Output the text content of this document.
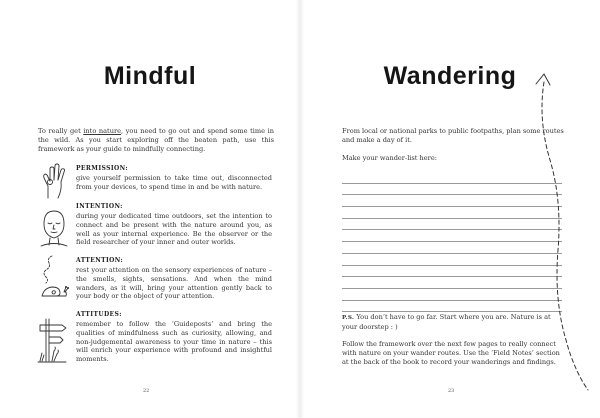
Mindful
To really get into nature, you need to go out and spend some time in the wild. As you start exploring off the beaten path, use this framework as your guide to mindfully connecting.
PERMISSION:
give yourself permission to take time out, disconnected from your devices, to spend time in and be with nature.
INTENTION:
during your dedicated time outdoors, set the intention to connect and be present with the nature around you, as well as your internal experience. Be the observer or the field researcher of your inner and outer worlds.
ATTENTION:
rest your attention on the sensory experiences of nature – the smells, sights, sensations. And when the mind wanders, as it will, bring your attention gently back to your body or the object of your attention.
ATTITUDES:
remember to follow the ‘Guideposts’ and bring the qualities of mindfulness such as curiosity, allowing, and non-judgemental awareness to your time in nature – this will enrich your experience with profound and insightful moments.
22
Wandering
From local or national parks to public footpaths, plan some routes and make a day of it.
Make your wander-list here:
P.S. You don’t have to go far. Start where you are. Nature is at your doorstep : )
Follow the framework over the next few pages to really connect with nature on your wander routes. Use the ‘Field Notes’ section at the back of the book to record your wanderings and findings.
23
